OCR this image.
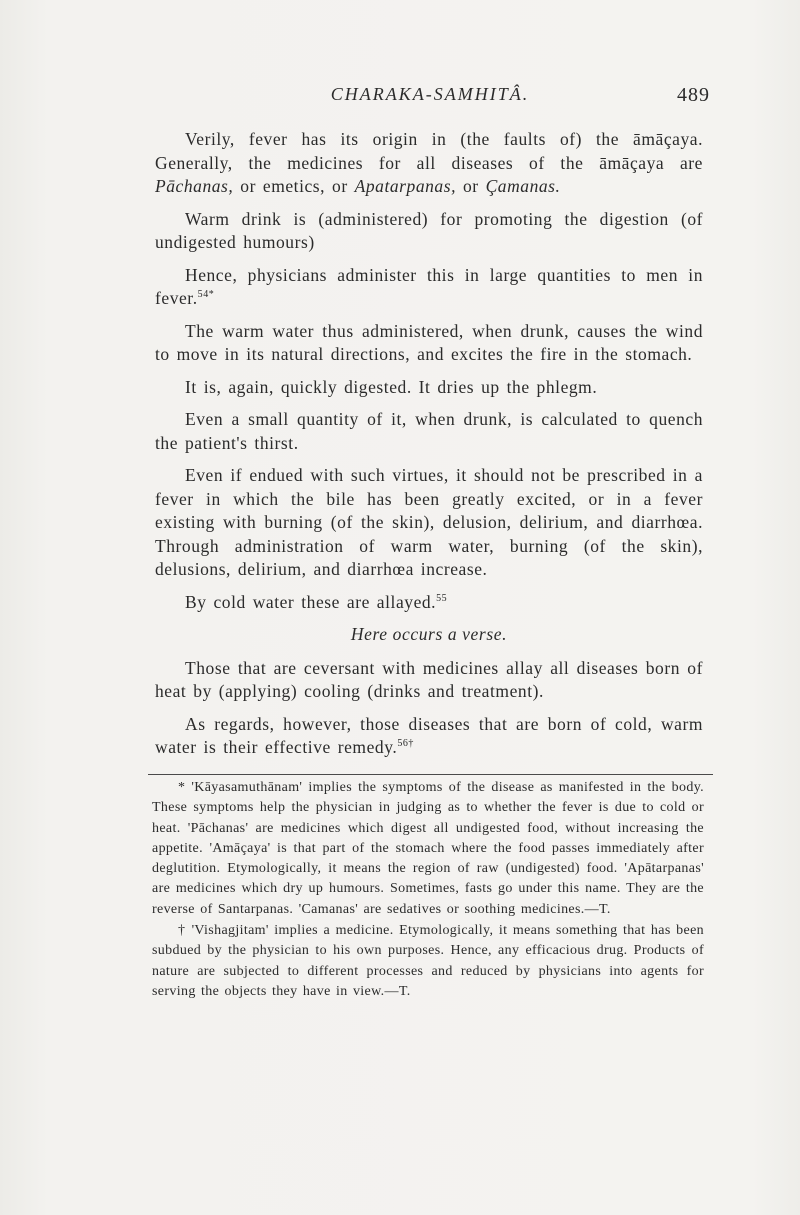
CHARAKA-SAMHITÂ.	489

Verily, fever has its origin in (the faults of) the āmāçaya. Generally, the medicines for all diseases of the āmāçaya are Pāchanas, or emetics, or Apatarpanas, or Çamanas.

Warm drink is (administered) for promoting the digestion (of undigested humours)

Hence, physicians administer this in large quantities to men in fever.$^{54*}$

The warm water thus administered, when drunk, causes the wind to move in its natural directions, and excites the fire in the stomach.

It is, again, quickly digested. It dries up the phlegm.

Even a small quantity of it, when drunk, is calculated to quench the patient's thirst.

Even if endued with such virtues, it should not be prescribed in a fever in which the bile has been greatly excited, or in a fever existing with burning (of the skin), delusion, delirium, and diarrhœa. Through administration of warm water, burning (of the skin), delusions, delirium, and diarrhœa increase.

By cold water these are allayed.$^{55}$

Here occurs a verse.

Those that are ceversant with medicines allay all diseases born of heat by (applying) cooling (drinks and treatment).

As regards, however, those diseases that are born of cold, warm water is their effective remedy.$^{56\dagger}$

* 'Kāyasamuthānam' implies the symptoms of the disease as manifested in the body. These symptoms help the physician in judging as to whether the fever is due to cold or heat. 'Pāchanas' are medicines which digest all undigested food, without increasing the appetite. 'Amāçaya' is that part of the stomach where the food passes immediately after deglutition. Etymologically, it means the region of raw (undigested) food. 'Apātarpanas' are medicines which dry up humours. Sometimes, fasts go under this name. They are the reverse of Santarpanas. 'Camanas' are sedatives or soothing medicines.—T.

† 'Vishagjitam' implies a medicine. Etymologically, it means something that has been subdued by the physician to his own purposes. Hence, any efficacious drug. Products of nature are subjected to different processes and reduced by physicians into agents for serving the objects they have in view.—T.
